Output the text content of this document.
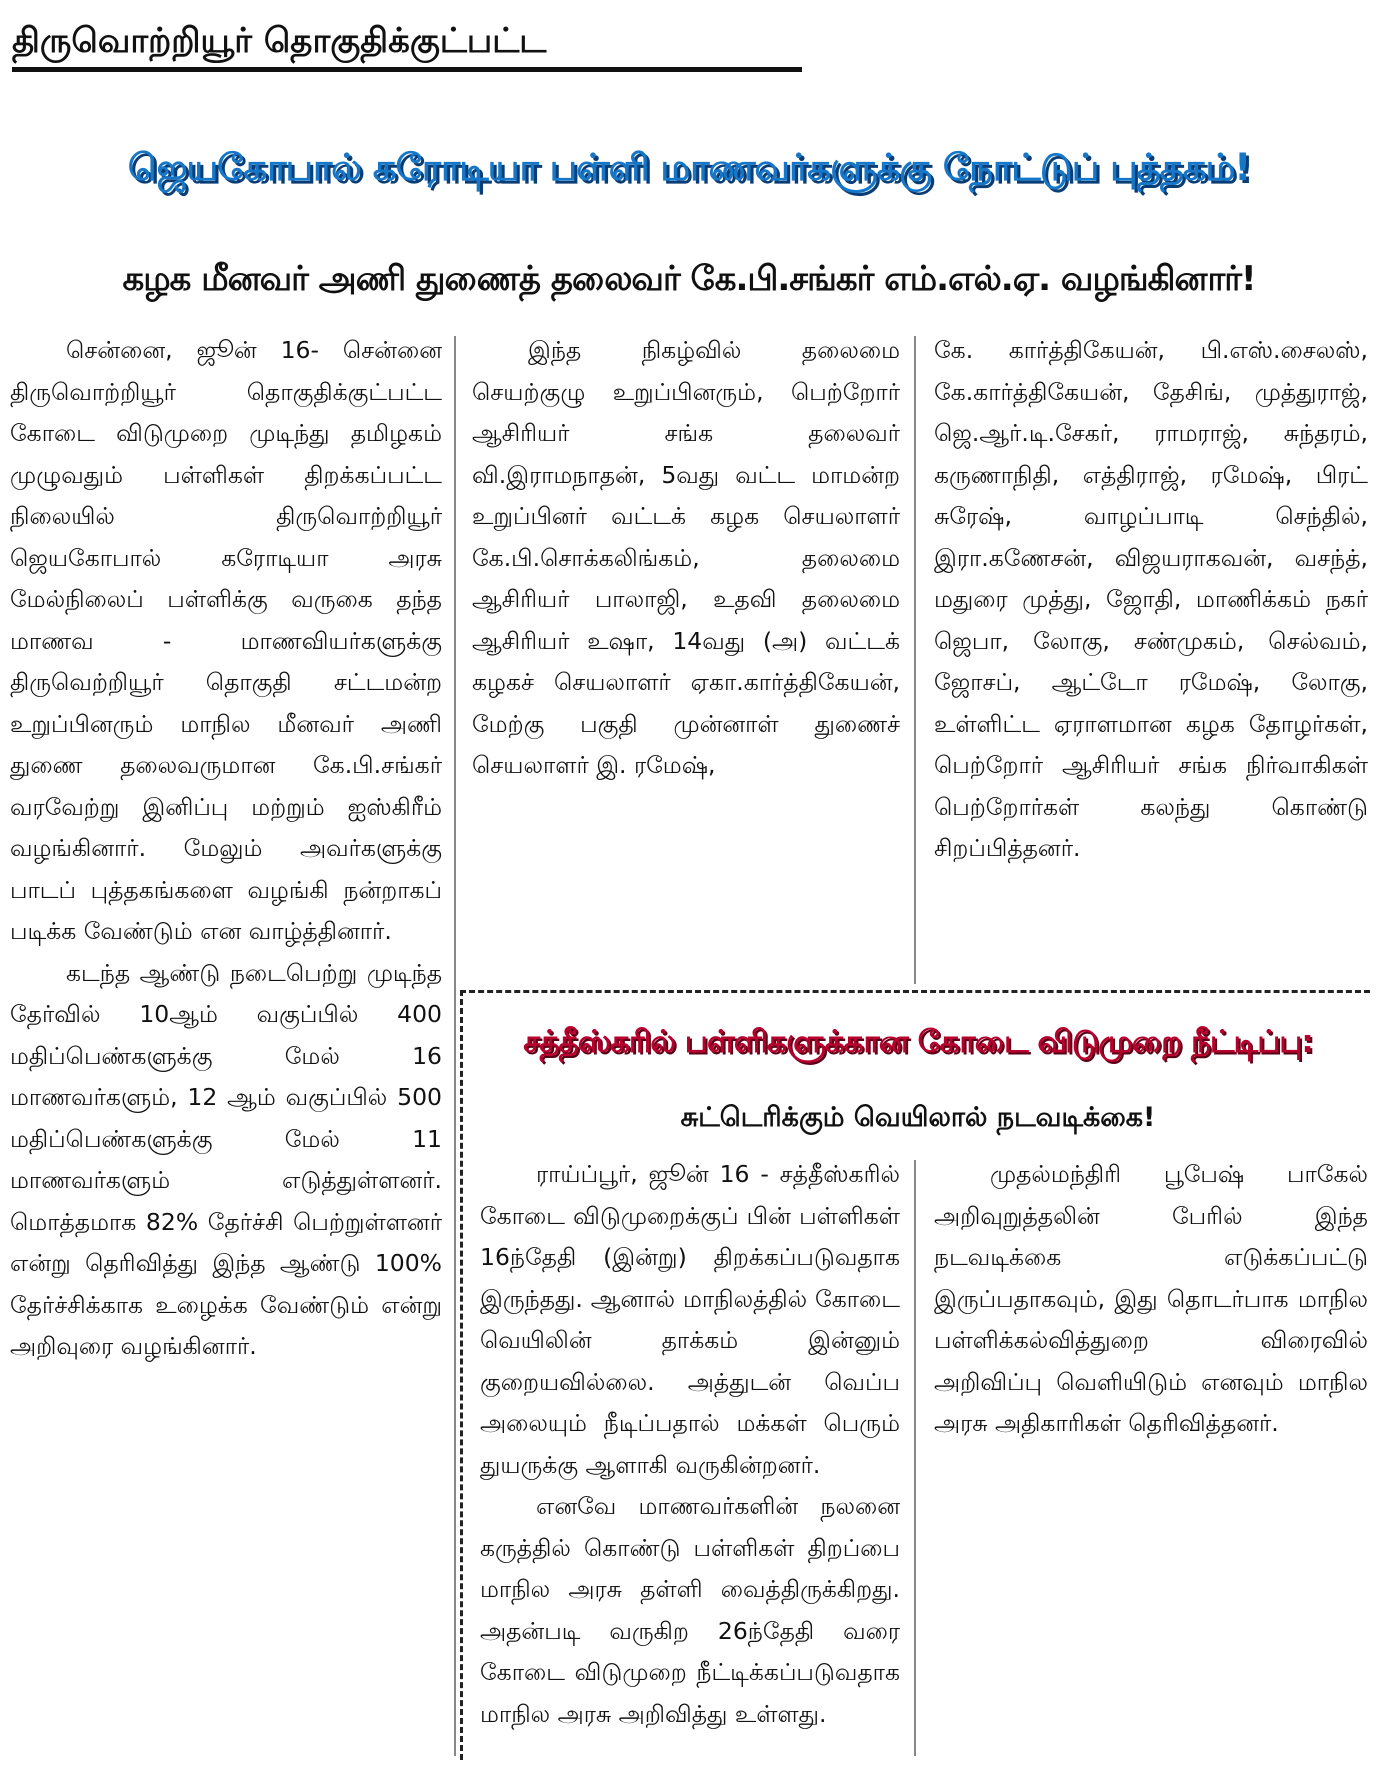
திருவொற்றியூர் தொகுதிக்குட்பட்ட
ஜெயகோபால் கரோடியா பள்ளி மாணவர்களுக்கு நோட்டுப் புத்தகம்!
கழக மீனவர் அணி துணைத் தலைவர் கே.பி.சங்கர் எம்.எல்.ஏ. வழங்கினார்!

சென்னை, ஜூன் 16- சென்னை திருவொற்றியூர் தொகுதிக்குட்பட்ட கோடை விடுமுறை முடிந்து தமிழகம் முழுவதும் பள்ளிகள் திறக்கப்பட்ட நிலையில் திருவொற்றியூர் ஜெயகோபால் கரோடியா அரசு மேல்நிலைப் பள்ளிக்கு வருகை தந்த மாணவ - மாணவியர்களுக்கு திருவெற்றியூர் தொகுதி சட்டமன்ற உறுப்பினரும் மாநில மீனவர் அணி துணை தலைவருமான கே.பி.சங்கர் வரவேற்று இனிப்பு மற்றும் ஐஸ்கிரீம் வழங்கினார். மேலும் அவர்களுக்கு பாடப் புத்தகங்களை வழங்கி நன்றாகப் படிக்க வேண்டும் என வாழ்த்தினார்.

கடந்த ஆண்டு நடைபெற்று முடிந்த தேர்வில் 10ஆம் வகுப்பில் 400 மதிப்பெண்களுக்கு மேல் 16 மாணவர்களும், 12 ஆம் வகுப்பில் 500 மதிப்பெண்களுக்கு மேல் 11 மாணவர்களும் எடுத்துள்ளனர். மொத்தமாக 82% தேர்ச்சி பெற்றுள்ளனர் என்று தெரிவித்து இந்த ஆண்டு 100% தேர்ச்சிக்காக உழைக்க வேண்டும் என்று அறிவுரை வழங்கினார்.

இந்த நிகழ்வில் தலைமை செயற்குழு உறுப்பினரும், பெற்றோர் ஆசிரியர் சங்க தலைவர் வி.இராமநாதன், 5வது வட்ட மாமன்ற உறுப்பினர் வட்டக் கழக செயலாளர் கே.பி.சொக்கலிங்கம், தலைமை ஆசிரியர் பாலாஜி, உதவி தலைமை ஆசிரியர் உஷா, 14வது (அ) வட்டக் கழகச் செயலாளர் ஏகா.கார்த்திகேயன், மேற்கு பகுதி முன்னாள் துணைச் செயலாளர் இ. ரமேஷ்,

கே. கார்த்திகேயன், பி.எஸ்.சைலஸ், கே.கார்த்திகேயன், தேசிங், முத்துராஜ், ஜெ.ஆர்.டி.சேகர், ராமராஜ், சுந்தரம், கருணாநிதி, எத்திராஜ், ரமேஷ், பிரட் சுரேஷ், வாழப்பாடி செந்தில், இரா.கணேசன், விஜயராகவன், வசந்த், மதுரை முத்து, ஜோதி, மாணிக்கம் நகர் ஜெபா, லோகு, சண்முகம், செல்வம், ஜோசப், ஆட்டோ ரமேஷ், லோகு, உள்ளிட்ட ஏராளமான கழக தோழர்கள், பெற்றோர் ஆசிரியர் சங்க நிர்வாகிகள் பெற்றோர்கள் கலந்து கொண்டு சிறப்பித்தனர்.

சத்தீஸ்கரில் பள்ளிகளுக்கான கோடை விடுமுறை நீட்டிப்பு:
சுட்டெரிக்கும் வெயிலால் நடவடிக்கை!

ராய்ப்பூர், ஜூன் 16 - சத்தீஸ்கரில் கோடை விடுமுறைக்குப் பின் பள்ளிகள் 16ந்தேதி (இன்று) திறக்கப்படுவதாக இருந்தது. ஆனால் மாநிலத்தில் கோடை வெயிலின் தாக்கம் இன்னும் குறையவில்லை. அத்துடன் வெப்ப அலையும் நீடிப்பதால் மக்கள் பெரும் துயருக்கு ஆளாகி வருகின்றனர்.

எனவே மாணவர்களின் நலனை கருத்தில் கொண்டு பள்ளிகள் திறப்பை மாநில அரசு தள்ளி வைத்திருக்கிறது. அதன்படி வருகிற 26ந்தேதி வரை கோடை விடுமுறை நீட்டிக்கப்படுவதாக மாநில அரசு அறிவித்து உள்ளது.

முதல்மந்திரி பூபேஷ் பாகேல் அறிவுறுத்தலின் பேரில் இந்த நடவடிக்கை எடுக்கப்பட்டு இருப்பதாகவும், இது தொடர்பாக மாநில பள்ளிக்கல்வித்துறை விரைவில் அறிவிப்பு வெளியிடும் எனவும் மாநில அரசு அதிகாரிகள் தெரிவித்தனர்.
